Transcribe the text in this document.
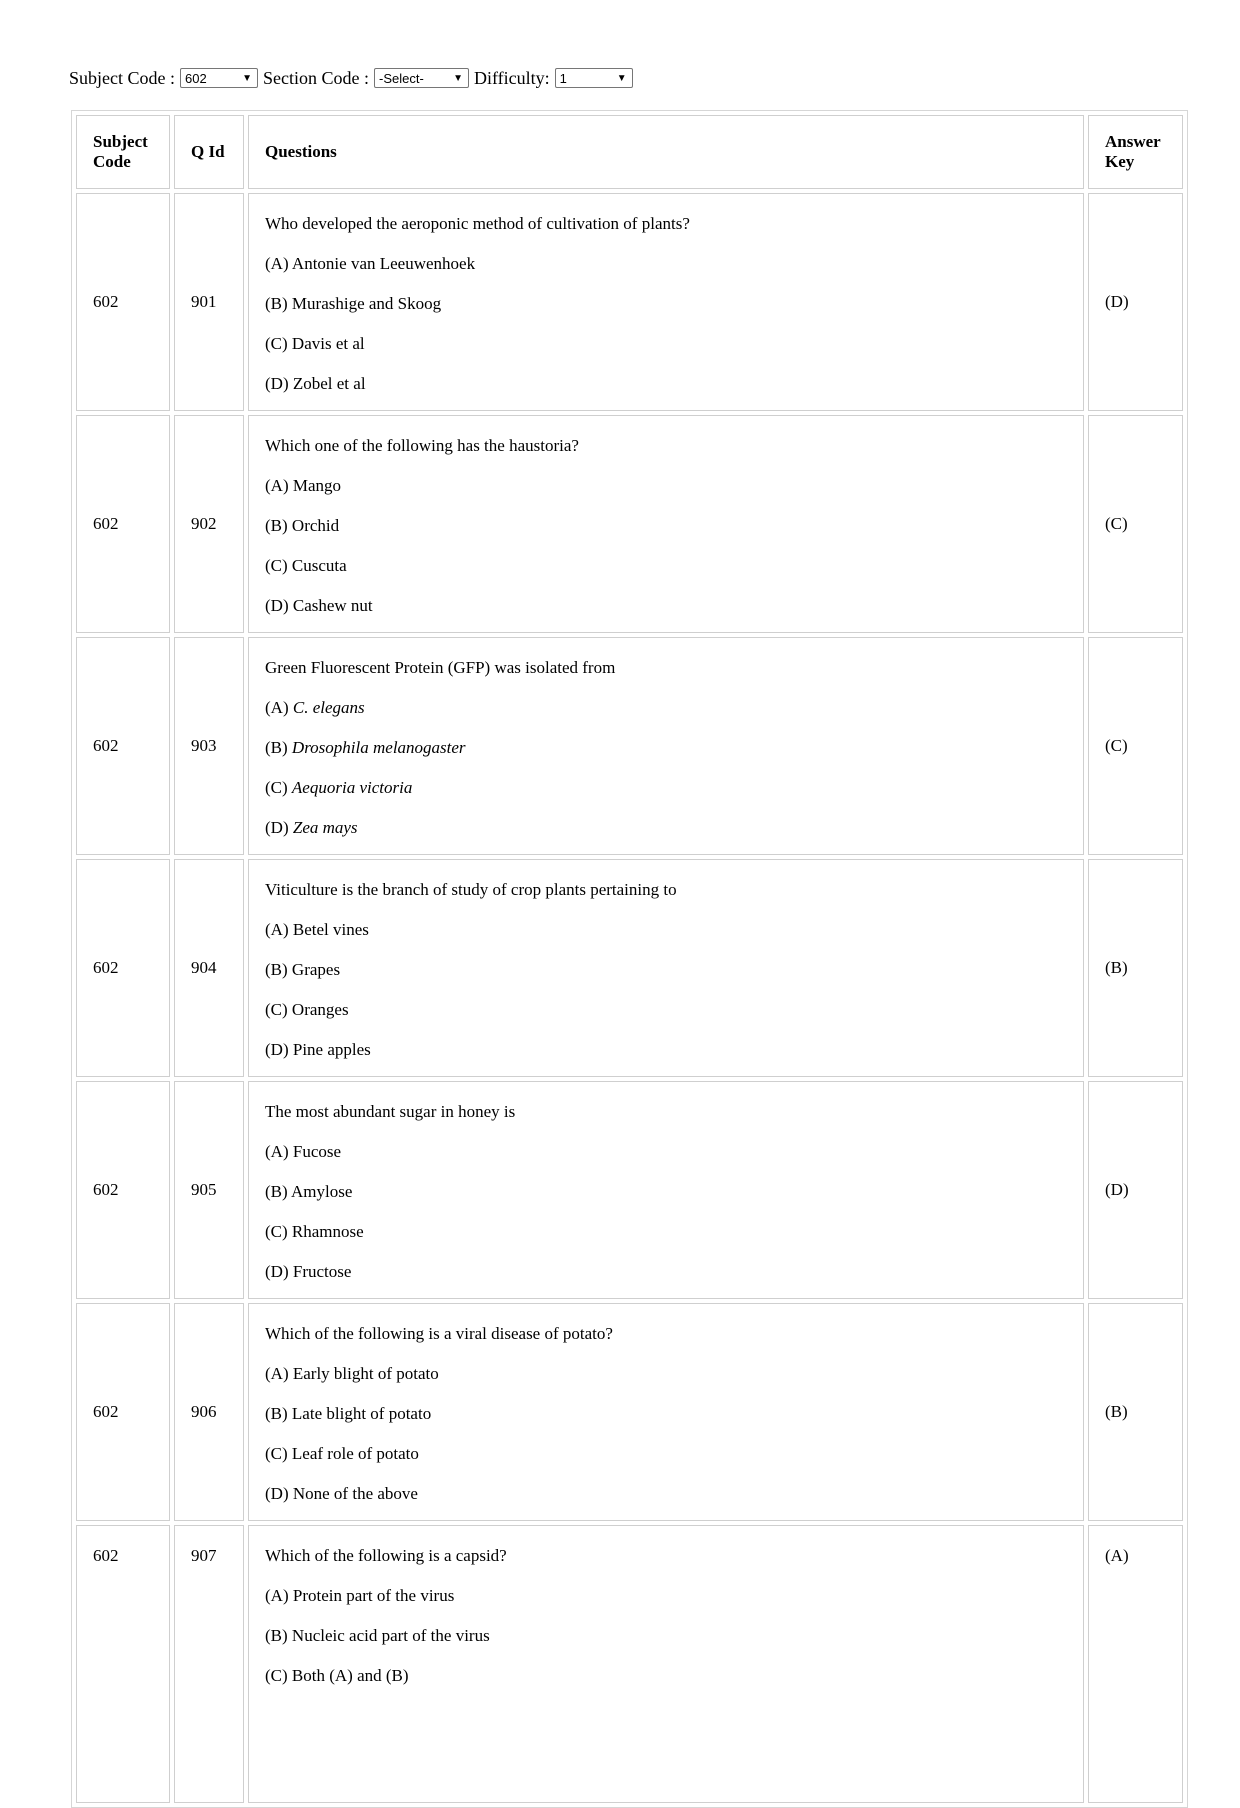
Subject Code : 602	▼ Section Code : -Select-	▼ Difficulty: 1	▼
Subject Code	Q Id	Questions	Answer Key
602	901	Who developed the aeroponic method of cultivation of plants?
(A) Antonie van Leeuwenhoek
(B) Murashige and Skoog
(C) Davis et al
(D) Zobel et al	(D)
602	902	Which one of the following has the haustoria?
(A) Mango
(B) Orchid
(C) Cuscuta
(D) Cashew nut	(C)
602	903	Green Fluorescent Protein (GFP) was isolated from
(A) C. elegans
(B) Drosophila melanogaster
(C) Aequoria victoria
(D) Zea mays	(C)
602	904	Viticulture is the branch of study of crop plants pertaining to
(A) Betel vines
(B) Grapes
(C) Oranges
(D) Pine apples	(B)
602	905	The most abundant sugar in honey is
(A) Fucose
(B) Amylose
(C) Rhamnose
(D) Fructose	(D)
602	906	Which of the following is a viral disease of potato?
(A) Early blight of potato
(B) Late blight of potato
(C) Leaf role of potato
(D) None of the above	(B)
602	907	Which of the following is a capsid?
(A) Protein part of the virus
(B) Nucleic acid part of the virus
(C) Both (A) and (B)	(A)
